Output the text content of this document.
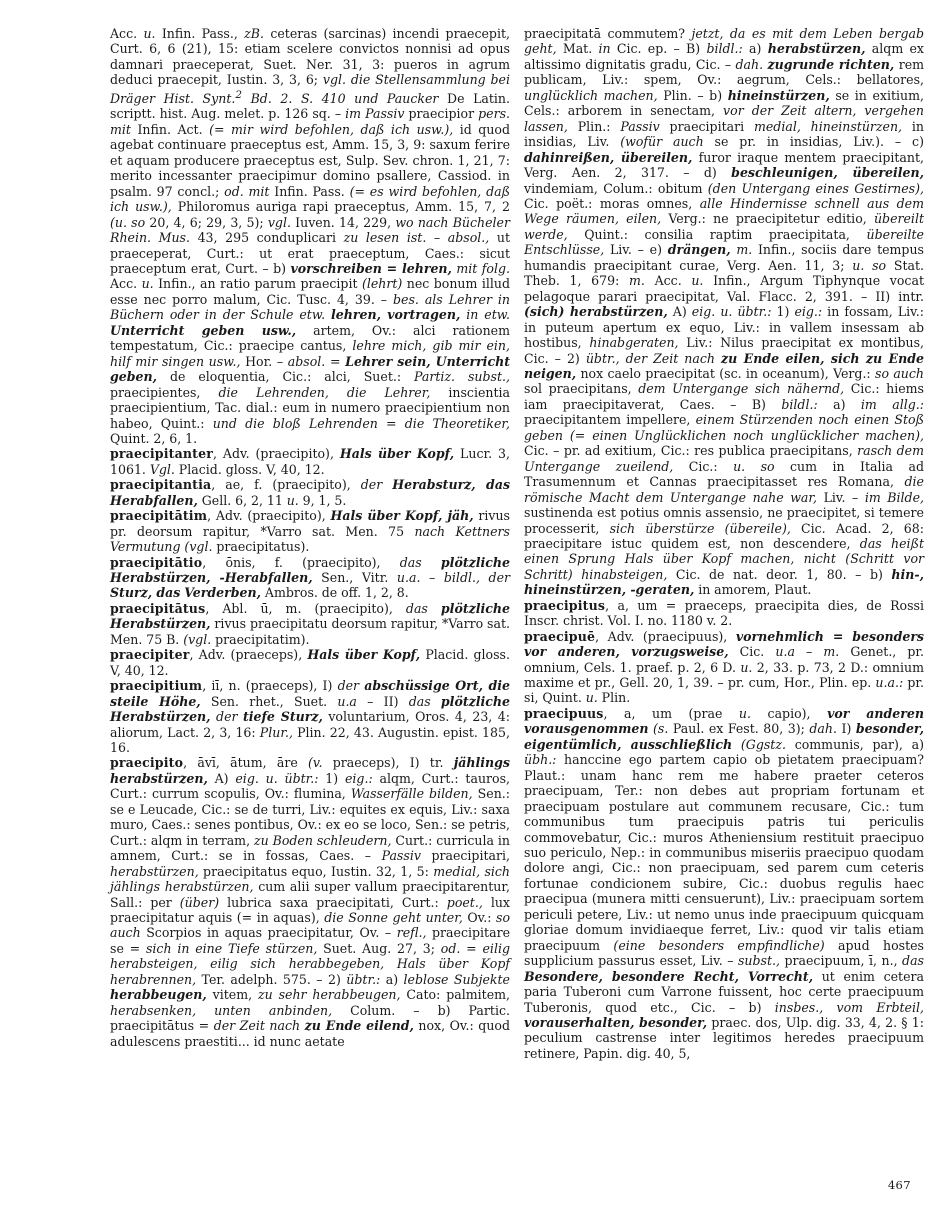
Acc. u. Infin. Pass., zB. ceteras (sarcinas) incendi praecepit, Curt. 6, 6 (21), 15: etiam scelere convictos nonnisi ad opus damnari praeceperat, Suet. Ner. 31, 3: pueros in agrum deduci praecepit, Iustin. 3, 3, 6; vgl. die Stellensammlung bei Dräger Hist. Synt.$^2$ Bd. 2. S. 410 und Paucker De Latin. scriptt. hist. Aug. melet. p. 126 sq. – im Passiv praecipior pers. mit Infin. Act. (= mir wird befohlen, daß ich usw.), id quod agebat continuare praeceptus est, Amm. 15, 3, 9: saxum ferire et aquam producere praeceptus est, Sulp. Sev. chron. 1, 21, 7: merito incessanter praecipimur domino psallere, Cassiod. in psalm. 97 concl.; od. mit Infin. Pass. (= es wird befohlen, daß ich usw.), Philoromus auriga rapi praeceptus, Amm. 15, 7, 2 (u. so 20, 4, 6; 29, 3, 5); vgl. Iuven. 14, 229, wo nach Bücheler Rhein. Mus. 43, 295 conduplicari zu lesen ist. – absol., ut praeceperat, Curt.: ut erat praeceptum, Caes.: sicut praeceptum erat, Curt. – b) vorschreiben = lehren, mit folg. Acc. u. Infin., an ratio parum praecipit (lehrt) nec bonum illud esse nec porro malum, Cic. Tusc. 4, 39. – bes. als Lehrer in Büchern oder in der Schule etw. lehren, vortragen, in etw. Unterricht geben usw., artem, Ov.: alci rationem tempestatum, Cic.: praecipe cantus, lehre mich, gib mir ein, hilf mir singen usw., Hor. – absol. = Lehrer sein, Unterricht geben, de eloquentia, Cic.: alci, Suet.: Partiz. subst., praecipientes, die Lehrenden, die Lehrer, inscientia praecipientium, Tac. dial.: eum in numero praecipientium non habeo, Quint.: und die bloß Lehrenden = die Theoretiker, Quint. 2, 6, 1.

praecipitanter, Adv. (praecipito), Hals über Kopf, Lucr. 3, 1061. Vgl. Placid. gloss. V, 40, 12.

praecipitantia, ae, f. (praecipito), der Herabsturz, das Herabfallen, Gell. 6, 2, 11 u. 9, 1, 5.

praecipitātim, Adv. (praecipito), Hals über Kopf, jäh, rivus pr. deorsum rapitur, *Varro sat. Men. 75 nach Kettners Vermutung (vgl. praecipitatus).

praecipitātio, ōnis, f. (praecipito), das plötzliche Herabstürzen, -Herabfallen, Sen., Vitr. u.a. – bildl., der Sturz, das Verderben, Ambros. de off. 1, 2, 8.

praecipitātus, Abl. ū, m. (praecipito), das plötzliche Herabstürzen, rivus praecipitatu deorsum rapitur, *Varro sat. Men. 75 B. (vgl. praecipitatim).

praecipiter, Adv. (praeceps), Hals über Kopf, Placid. gloss. V, 40, 12.

praecipitium, iī, n. (praeceps), I) der abschüssige Ort, die steile Höhe, Sen. rhet., Suet. u.a – II) das plötzliche Herabstürzen, der tiefe Sturz, voluntarium, Oros. 4, 23, 4: aliorum, Lact. 2, 3, 16: Plur., Plin. 22, 43. Augustin. epist. 185, 16.

praecipito, āvī, ātum, āre (v. praeceps), I) tr. jählings herabstürzen, A) eig. u. übtr.: 1) eig.: alqm, Curt.: tauros, Curt.: currum scopulis, Ov.: flumina, Wasserfälle bilden, Sen.: se e Leucade, Cic.: se de turri, Liv.: equites ex equis, Liv.: saxa muro, Caes.: senes pontibus, Ov.: ex eo se loco, Sen.: se petris, Curt.: alqm in terram, zu Boden schleudern, Curt.: curricula in amnem, Curt.: se in fossas, Caes. – Passiv praecipitari, herabstürzen, praecipitatus equo, Iustin. 32, 1, 5: medial, sich jählings herabstürzen, cum alii super vallum praecipitarentur, Sall.: per (über) lubrica saxa praecipitati, Curt.: poet., lux praecipitatur aquis (= in aquas), die Sonne geht unter, Ov.: so auch Scorpios in aquas praecipitatur, Ov. – refl., praecipitare se = sich in eine Tiefe stürzen, Suet. Aug. 27, 3; od. = eilig herabsteigen, eilig sich herabbegeben, Hals über Kopf herabrennen, Ter. adelph. 575. – 2) übtr.: a) leblose Subjekte herabbeugen, vitem, zu sehr herabbeugen, Cato: palmitem, herabsenken, unten anbinden, Colum. – b) Partic. praecipitātus = der Zeit nach zu Ende eilend, nox, Ov.: quod adulescens praestiti... id nunc aetate

praecipitatā commutem? jetzt, da es mit dem Leben bergab geht, Mat. in Cic. ep. – B) bildl.: a) herabstürzen, alqm ex altissimo dignitatis gradu, Cic. – dah. zugrunde richten, rem publicam, Liv.: spem, Ov.: aegrum, Cels.: bellatores, unglücklich machen, Plin. – b) hineinstürzen, se in exitium, Cels.: arborem in senectam, vor der Zeit altern, vergehen lassen, Plin.: Passiv praecipitari medial, hineinstürzen, in insidias, Liv. (wofür auch se pr. in insidias, Liv.). – c) dahinreißen, übereilen, furor iraque mentem praecipitant, Verg. Aen. 2, 317. – d) beschleunigen, übereilen, vindemiam, Colum.: obitum (den Untergang eines Gestirnes), Cic. poët.: moras omnes, alle Hindernisse schnell aus dem Wege räumen, eilen, Verg.: ne praecipitetur editio, übereilt werde, Quint.: consilia raptim praecipitata, übereilte Entschlüsse, Liv. – e) drängen, m. Infin., sociis dare tempus humandis praecipitant curae, Verg. Aen. 11, 3; u. so Stat. Theb. 1, 679: m. Acc. u. Infin., Argum Tiphynque vocat pelagoque parari praecipitat, Val. Flacc. 2, 391. – II) intr. (sich) herabstürzen, A) eig. u. übtr.: 1) eig.: in fossam, Liv.: in puteum apertum ex equo, Liv.: in vallem insessam ab hostibus, hinabgeraten, Liv.: Nilus praecipitat ex montibus, Cic. – 2) übtr., der Zeit nach zu Ende eilen, sich zu Ende neigen, nox caelo praecipitat (sc. in oceanum), Verg.: so auch sol praecipitans, dem Untergange sich nähernd, Cic.: hiems iam praecipitaverat, Caes. – B) bildl.: a) im allg.: praecipitantem impellere, einem Stürzenden noch einen Stoß geben (= einen Unglücklichen noch unglücklicher machen), Cic. – pr. ad exitium, Cic.: res publica praecipitans, rasch dem Untergange zueilend, Cic.: u. so cum in Italia ad Trasumennum et Cannas praecipitasset res Romana, die römische Macht dem Untergange nahe war, Liv. – im Bilde, sustinenda est potius omnis assensio, ne praecipitet, si temere processerit, sich überstürze (übereile), Cic. Acad. 2, 68: praecipitare istuc quidem est, non descendere, das heißt einen Sprung Hals über Kopf machen, nicht (Schritt vor Schritt) hinabsteigen, Cic. de nat. deor. 1, 80. – b) hin-, hineinstürzen, -geraten, in amorem, Plaut.

praecipitus, a, um = praeceps, praecipita dies, de Rossi Inscr. christ. Vol. I. no. 1180 v. 2.

praecipuē, Adv. (praecipuus), vornehmlich = besonders vor anderen, vorzugsweise, Cic. u.a – m. Genet., pr. omnium, Cels. 1. praef. p. 2, 6 D. u. 2, 33. p. 73, 2 D.: omnium maxime et pr., Gell. 20, 1, 39. – pr. cum, Hor., Plin. ep. u.a.: pr. si, Quint. u. Plin.

praecipuus, a, um (prae u. capio), vor anderen vorausgenommen (s. Paul. ex Fest. 80, 3); dah. I) besonder, eigentümlich, ausschließlich (Ggstz. communis, par), a) übh.: hanccine ego partem capio ob pietatem praecipuam? Plaut.: unam hanc rem me habere praeter ceteros praecipuam, Ter.: non debes aut propriam fortunam et praecipuam postulare aut communem recusare, Cic.: tum communibus tum praecipuis patris tui periculis commovebatur, Cic.: muros Atheniensium restituit praecipuo suo periculo, Nep.: in communibus miseriis praecipuo quodam dolore angi, Cic.: non praecipuam, sed parem cum ceteris fortunae condicionem subire, Cic.: duobus regulis haec praecipua (munera mitti censuerunt), Liv.: praecipuam sortem periculi petere, Liv.: ut nemo unus inde praecipuum quicquam gloriae domum invidiaeque ferret, Liv.: quod vir talis etiam praecipuum (eine besonders empfindliche) apud hostes supplicium passurus esset, Liv. – subst., praecipuum, ī, n., das Besondere, besondere Recht, Vorrecht, ut enim cetera paria Tuberoni cum Varrone fuissent, hoc certe praecipuum Tuberonis, quod etc., Cic. – b) insbes., vom Erbteil, vorauserhalten, besonder, praec. dos, Ulp. dig. 33, 4, 2. § 1: peculium castrense inter legitimos heredes praecipuum retinere, Papin. dig. 40, 5,

467
